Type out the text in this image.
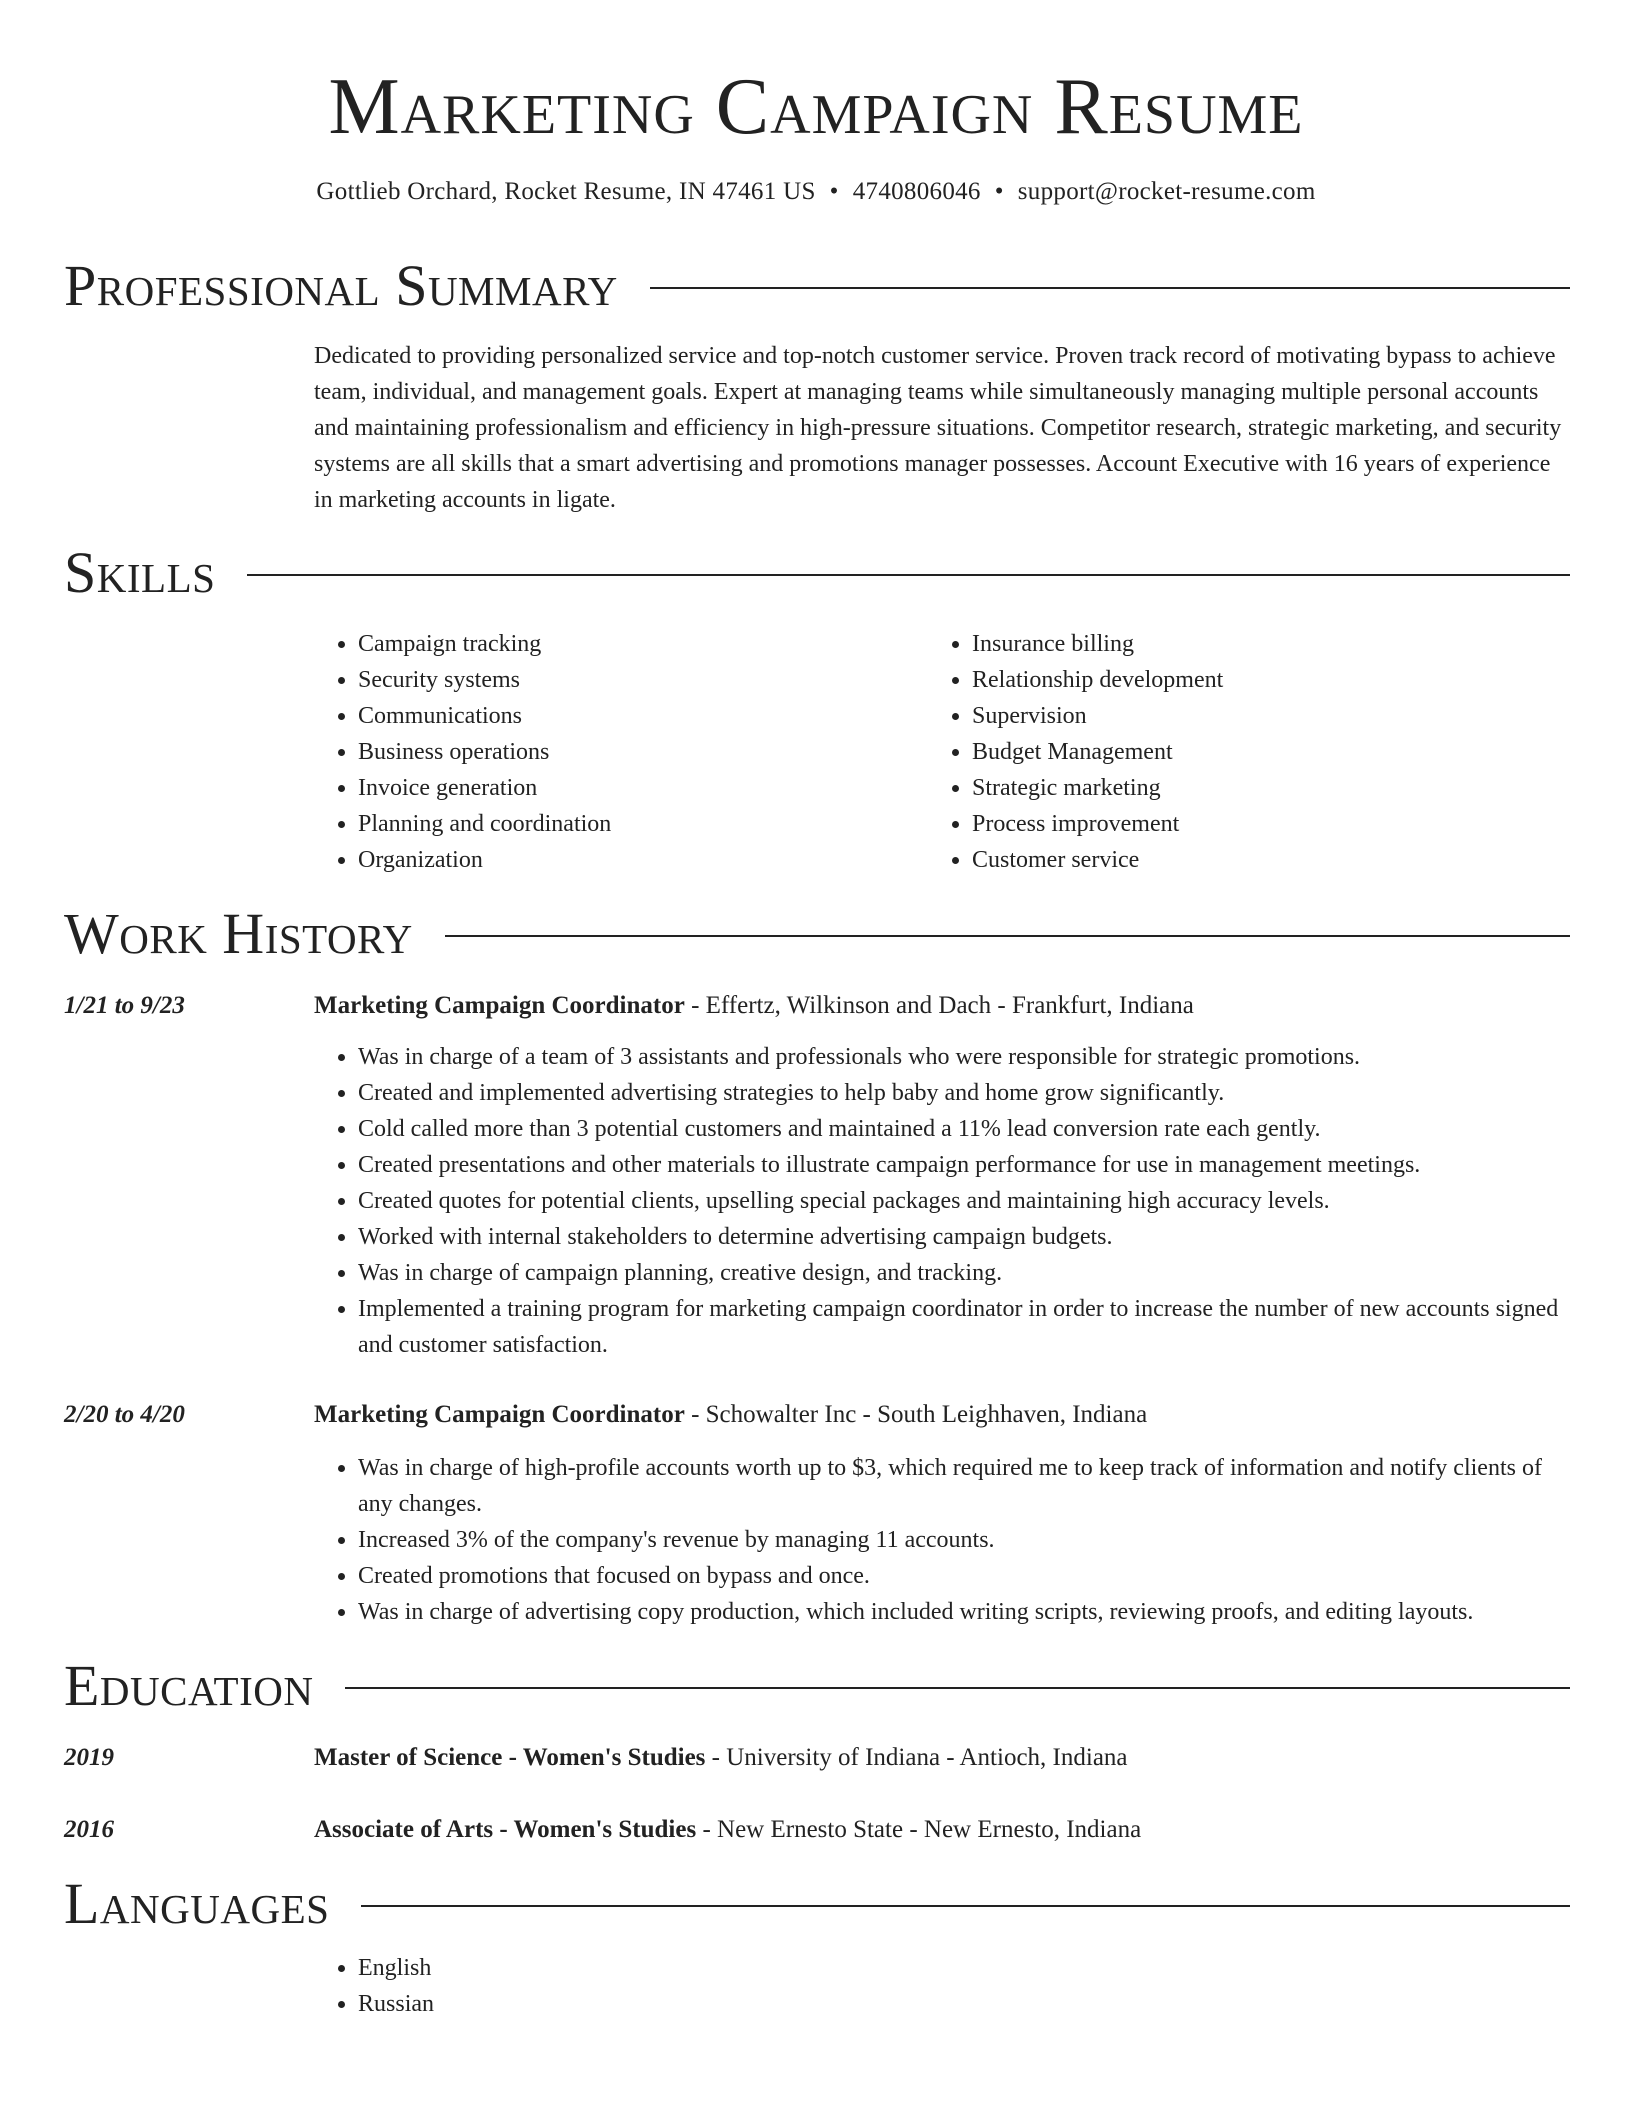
Marketing Campaign Resume
Gottlieb Orchard, Rocket Resume, IN 47461 US • 4740806046 • support@rocket-resume.com
Professional Summary
Dedicated to providing personalized service and top-notch customer service. Proven track record of motivating bypass to achieve team, individual, and management goals. Expert at managing teams while simultaneously managing multiple personal accounts and maintaining professionalism and efficiency in high-pressure situations. Competitor research, strategic marketing, and security systems are all skills that a smart advertising and promotions manager possesses. Account Executive with 16 years of experience in marketing accounts in ligate.
Skills
• Campaign tracking
• Security systems
• Communications
• Business operations
• Invoice generation
• Planning and coordination
• Organization
• Insurance billing
• Relationship development
• Supervision
• Budget Management
• Strategic marketing
• Process improvement
• Customer service
Work History
1/21 to 9/23	Marketing Campaign Coordinator - Effertz, Wilkinson and Dach - Frankfurt, Indiana
• Was in charge of a team of 3 assistants and professionals who were responsible for strategic promotions.
• Created and implemented advertising strategies to help baby and home grow significantly.
• Cold called more than 3 potential customers and maintained a 11% lead conversion rate each gently.
• Created presentations and other materials to illustrate campaign performance for use in management meetings.
• Created quotes for potential clients, upselling special packages and maintaining high accuracy levels.
• Worked with internal stakeholders to determine advertising campaign budgets.
• Was in charge of campaign planning, creative design, and tracking.
• Implemented a training program for marketing campaign coordinator in order to increase the number of new accounts signed and customer satisfaction.
2/20 to 4/20	Marketing Campaign Coordinator - Schowalter Inc - South Leighhaven, Indiana
• Was in charge of high-profile accounts worth up to $3, which required me to keep track of information and notify clients of any changes.
• Increased 3% of the company's revenue by managing 11 accounts.
• Created promotions that focused on bypass and once.
• Was in charge of advertising copy production, which included writing scripts, reviewing proofs, and editing layouts.
Education
2019	Master of Science - Women's Studies - University of Indiana - Antioch, Indiana
2016	Associate of Arts - Women's Studies - New Ernesto State - New Ernesto, Indiana
Languages
• English
• Russian
